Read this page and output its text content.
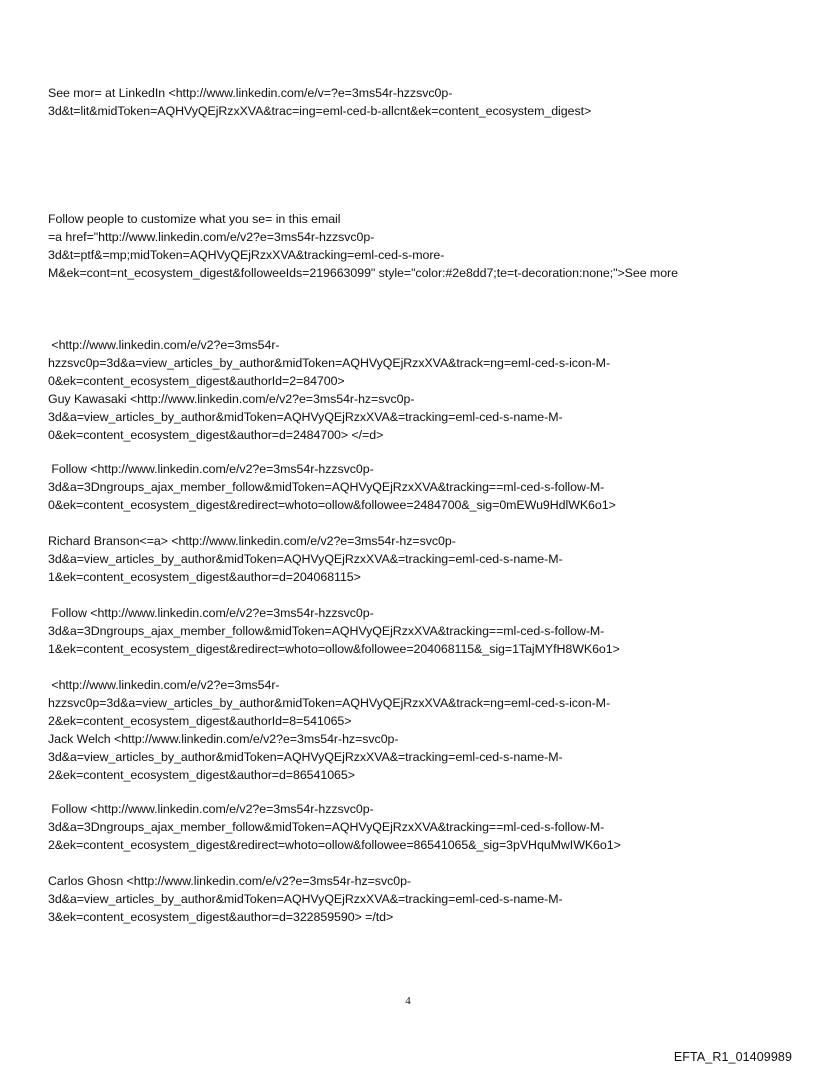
See mor= at LinkedIn <http://www.linkedin.com/e/v=?e=3ms54r-hzzsvc0p-
3d&t=lit&midToken=AQHVyQEjRzxXVA&trac=ing=eml-ced-b-allcnt&ek=content_ecosystem_digest>
Follow people to customize what you se= in this email
=a href="http://www.linkedin.com/e/v2?e=3ms54r-hzzsvc0p-
3d&t=ptf&=mp;midToken=AQHVyQEjRzxXVA&tracking=eml-ced-s-more-
M&ek=cont=nt_ecosystem_digest&followeeIds=219663099" style="color:#2e8dd7;te=t-decoration:none;">See more
<http://www.linkedin.com/e/v2?e=3ms54r-
hzzsvc0p=3d&a=view_articles_by_author&midToken=AQHVyQEjRzxXVA&track=ng=eml-ced-s-icon-M-
0&ek=content_ecosystem_digest&authorId=2=84700>
Guy Kawasaki <http://www.linkedin.com/e/v2?e=3ms54r-hz=svc0p-
3d&a=view_articles_by_author&midToken=AQHVyQEjRzxXVA&=tracking=eml-ced-s-name-M-
0&ek=content_ecosystem_digest&author=d=2484700> </=d>
Follow <http://www.linkedin.com/e/v2?e=3ms54r-hzzsvc0p-
3d&a=3Dngroups_ajax_member_follow&midToken=AQHVyQEjRzxXVA&tracking==ml-ced-s-follow-M-
0&ek=content_ecosystem_digest&redirect=whoto=ollow&followee=2484700&_sig=0mEWu9HdlWK6o1>
Richard Branson<=a> <http://www.linkedin.com/e/v2?e=3ms54r-hz=svc0p-
3d&a=view_articles_by_author&midToken=AQHVyQEjRzxXVA&=tracking=eml-ced-s-name-M-
1&ek=content_ecosystem_digest&author=d=204068115>
Follow <http://www.linkedin.com/e/v2?e=3ms54r-hzzsvc0p-
3d&a=3Dngroups_ajax_member_follow&midToken=AQHVyQEjRzxXVA&tracking==ml-ced-s-follow-M-
1&ek=content_ecosystem_digest&redirect=whoto=ollow&followee=204068115&_sig=1TajMYfH8WK6o1>
<http://www.linkedin.com/e/v2?e=3ms54r-
hzzsvc0p=3d&a=view_articles_by_author&midToken=AQHVyQEjRzxXVA&track=ng=eml-ced-s-icon-M-
2&ek=content_ecosystem_digest&authorId=8=541065>
Jack Welch <http://www.linkedin.com/e/v2?e=3ms54r-hz=svc0p-
3d&a=view_articles_by_author&midToken=AQHVyQEjRzxXVA&=tracking=eml-ced-s-name-M-
2&ek=content_ecosystem_digest&author=d=86541065>
Follow <http://www.linkedin.com/e/v2?e=3ms54r-hzzsvc0p-
3d&a=3Dngroups_ajax_member_follow&midToken=AQHVyQEjRzxXVA&tracking==ml-ced-s-follow-M-
2&ek=content_ecosystem_digest&redirect=whoto=ollow&followee=86541065&_sig=3pVHquMwIWK6o1>
Carlos Ghosn <http://www.linkedin.com/e/v2?e=3ms54r-hz=svc0p-
3d&a=view_articles_by_author&midToken=AQHVyQEjRzxXVA&=tracking=eml-ced-s-name-M-
3&ek=content_ecosystem_digest&author=d=322859590> =/td>
4
EFTA_R1_01409989
